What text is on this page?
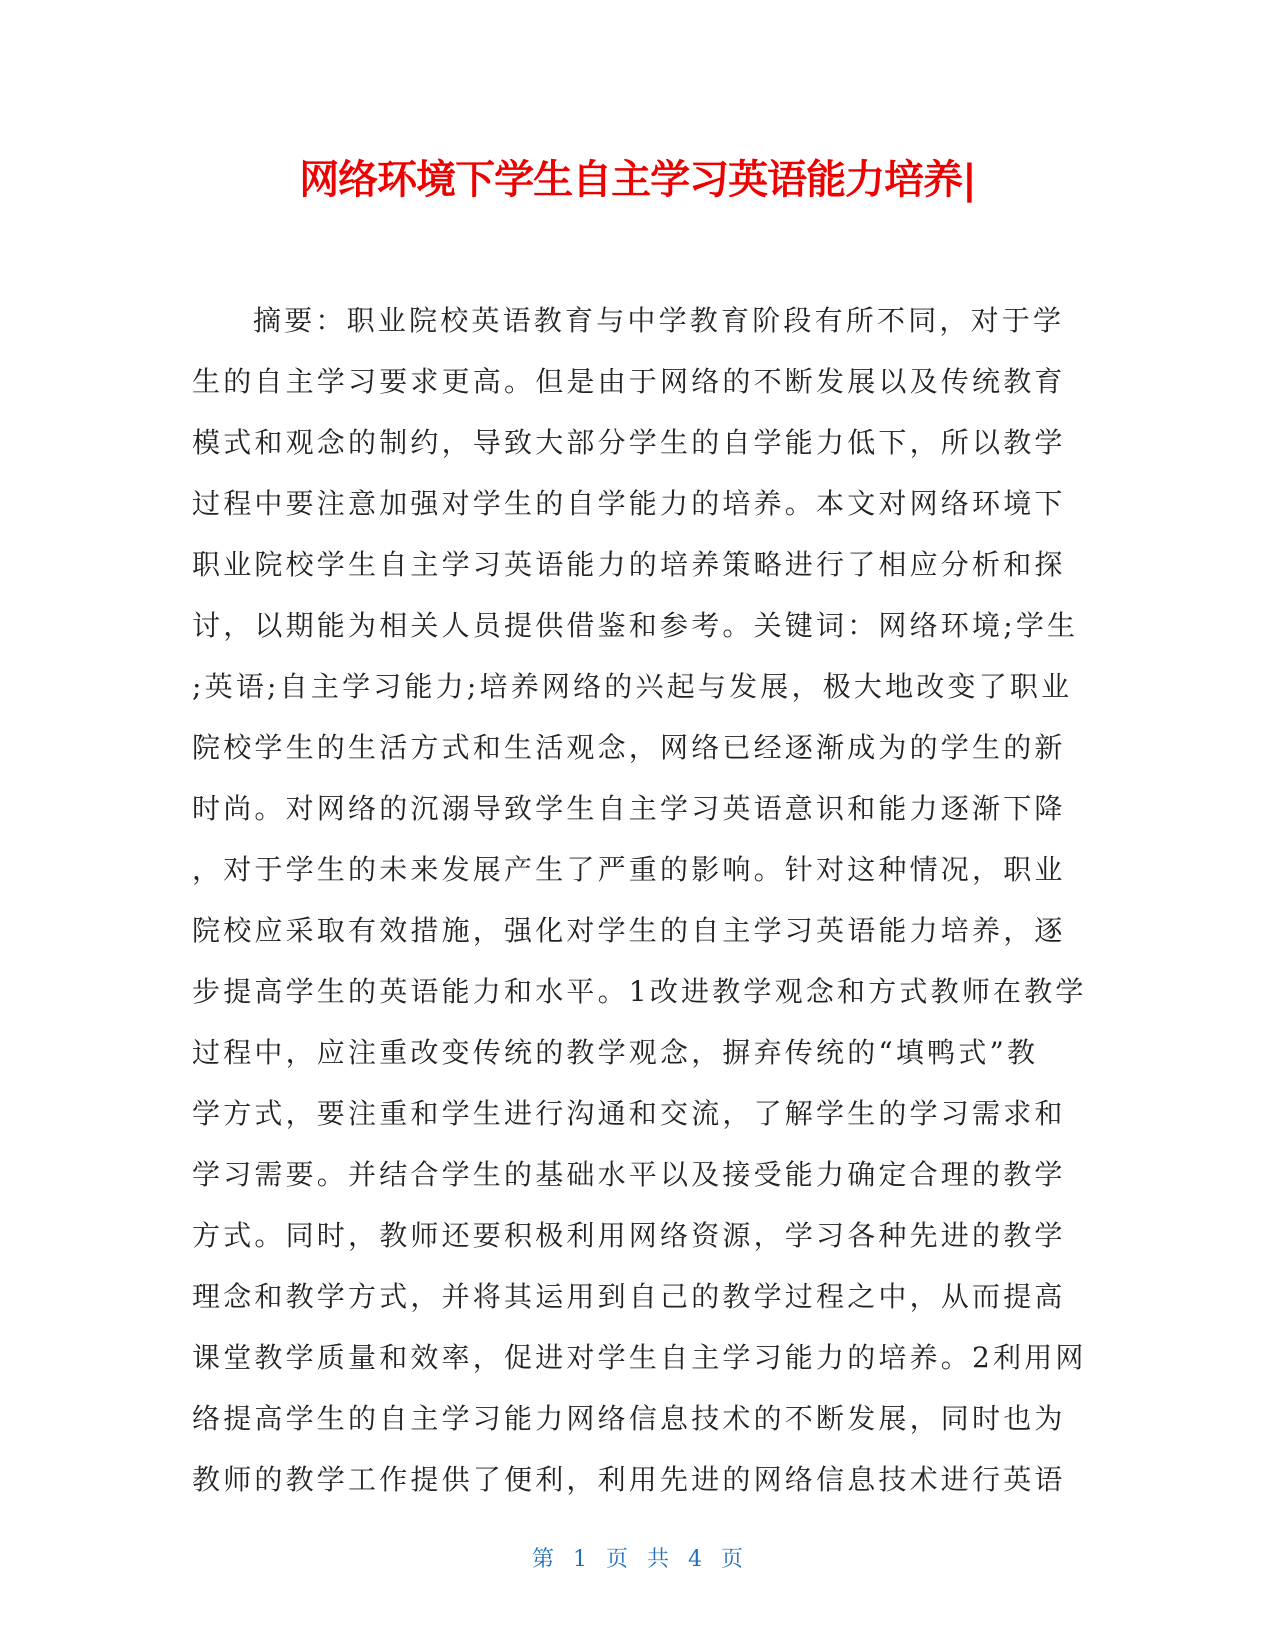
网络环境下学生自主学习英语能力培养|
摘要：职业院校英语教育与中学教育阶段有所不同，对于学
生的自主学习要求更高。但是由于网络的不断发展以及传统教育
模式和观念的制约，导致大部分学生的自学能力低下，所以教学
过程中要注意加强对学生的自学能力的培养。本文对网络环境下
职业院校学生自主学习英语能力的培养策略进行了相应分析和探
讨，以期能为相关人员提供借鉴和参考。关键词：网络环境;学生
;英语;自主学习能力;培养网络的兴起与发展，极大地改变了职业
院校学生的生活方式和生活观念，网络已经逐渐成为的学生的新
时尚。对网络的沉溺导致学生自主学习英语意识和能力逐渐下降
，对于学生的未来发展产生了严重的影响。针对这种情况，职业
院校应采取有效措施，强化对学生的自主学习英语能力培养，逐
步提高学生的英语能力和水平。1改进教学观念和方式教师在教学
过程中，应注重改变传统的教学观念，摒弃传统的“填鸭式”教
学方式，要注重和学生进行沟通和交流，了解学生的学习需求和
学习需要。并结合学生的基础水平以及接受能力确定合理的教学
方式。同时，教师还要积极利用网络资源，学习各种先进的教学
理念和教学方式，并将其运用到自己的教学过程之中，从而提高
课堂教学质量和效率，促进对学生自主学习能力的培养。2利用网
络提高学生的自主学习能力网络信息技术的不断发展，同时也为
教师的教学工作提供了便利，利用先进的网络信息技术进行英语
第 1 页 共 4 页
